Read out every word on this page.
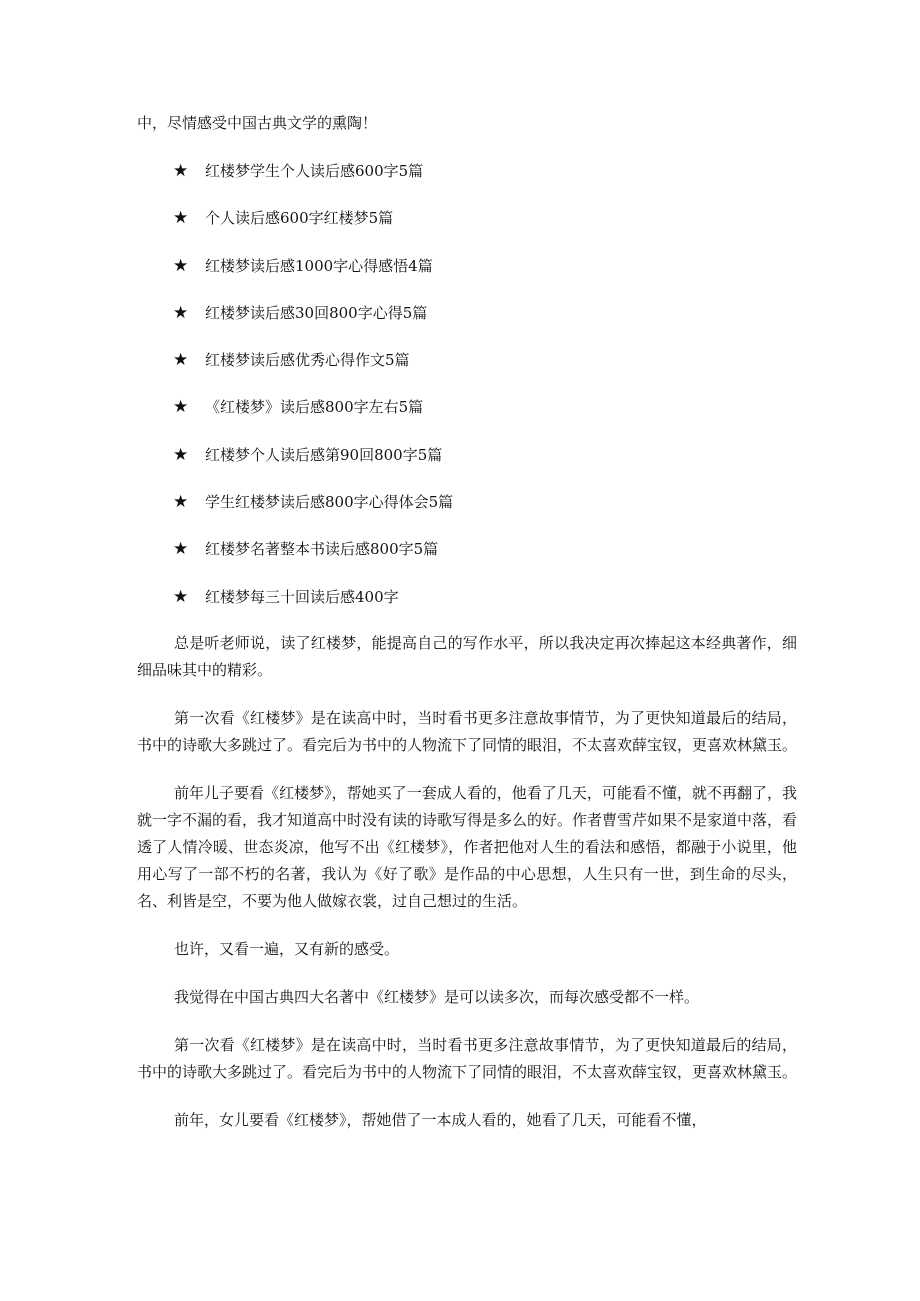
中，尽情感受中国古典文学的熏陶！
★	红楼梦学生个人读后感600字5篇
★	个人读后感600字红楼梦5篇
★	红楼梦读后感1000字心得感悟4篇
★	红楼梦读后感30回800字心得5篇
★	红楼梦读后感优秀心得作文5篇
★	《红楼梦》读后感800字左右5篇
★	红楼梦个人读后感第90回800字5篇
★	学生红楼梦读后感800字心得体会5篇
★	红楼梦名著整本书读后感800字5篇
★	红楼梦每三十回读后感400字

总是听老师说，读了红楼梦，能提高自己的写作水平，所以我决定再次捧起这本经典著作，细细品味其中的精彩。

第一次看《红楼梦》是在读高中时，当时看书更多注意故事情节，为了更快知道最后的结局，书中的诗歌大多跳过了。看完后为书中的人物流下了同情的眼泪，不太喜欢薛宝钗，更喜欢林黛玉。

前年儿子要看《红楼梦》，帮她买了一套成人看的，他看了几天，可能看不懂，就不再翻了，我就一字不漏的看，我才知道高中时没有读的诗歌写得是多么的好。作者曹雪芹如果不是家道中落，看透了人情冷暖、世态炎凉，他写不出《红楼梦》，作者把他对人生的看法和感悟，都融于小说里，他用心写了一部不朽的名著，我认为《好了歌》是作品的中心思想，人生只有一世，到生命的尽头，名、利皆是空，不要为他人做嫁衣裳，过自己想过的生活。

也许，又看一遍，又有新的感受。

我觉得在中国古典四大名著中《红楼梦》是可以读多次，而每次感受都不一样。

第一次看《红楼梦》是在读高中时，当时看书更多注意故事情节，为了更快知道最后的结局，书中的诗歌大多跳过了。看完后为书中的人物流下了同情的眼泪，不太喜欢薛宝钗，更喜欢林黛玉。

前年，女儿要看《红楼梦》，帮她借了一本成人看的，她看了几天，可能看不懂，
